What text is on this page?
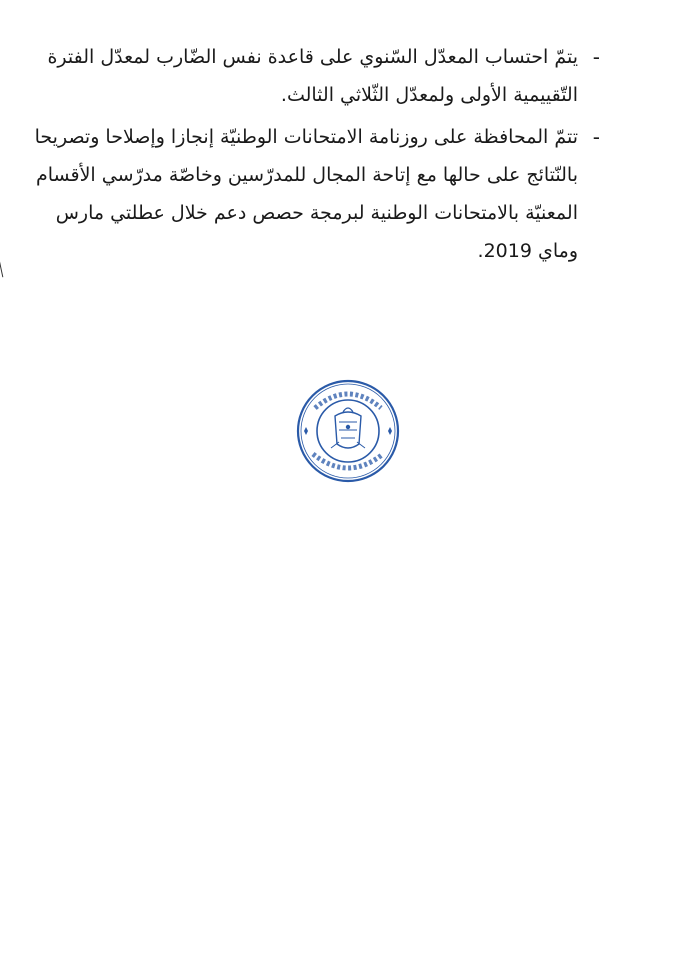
-
يتمّ احتساب المعدّل السّنوي على قاعدة نفس الضّارب لمعدّل الفترة
التّقييمية الأولى ولمعدّل الثّلاثي الثالث.
-
تتمّ المحافظة على روزنامة الامتحانات الوطنيّة إنجازا وإصلاحا وتصريحا
بالنّتائج على حالها مع إتاحة المجال للمدرّسين وخاصّة مدرّسي الأقسام
المعنيّة بالامتحانات الوطنية لبرمجة حصص دعم خلال عطلتي مارس
وماي 2019.
